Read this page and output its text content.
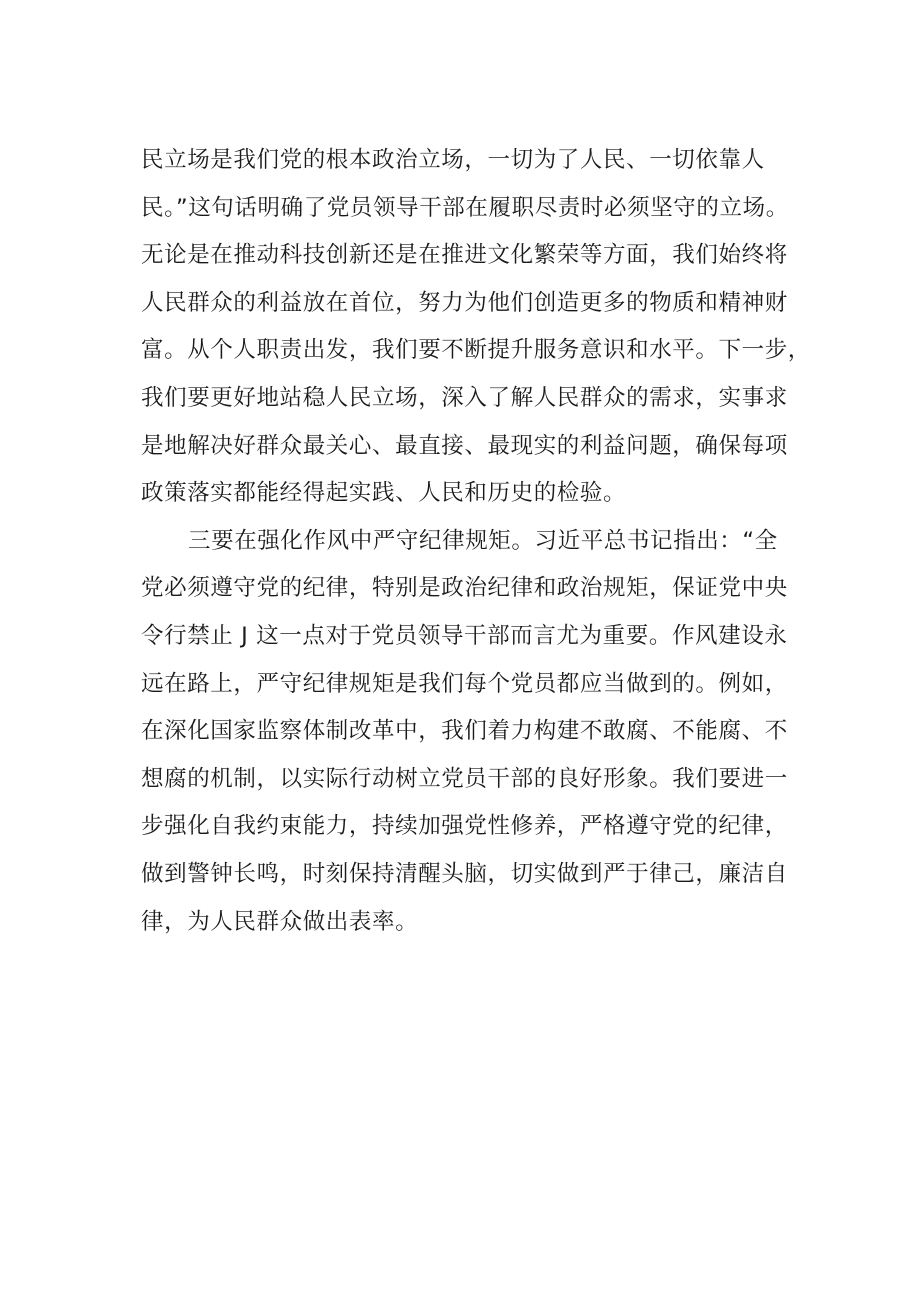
民立场是我们党的根本政治立场，一切为了人民、一切依靠人
民。”这句话明确了党员领导干部在履职尽责时必须坚守的立场。
无论是在推动科技创新还是在推进文化繁荣等方面，我们始终将
人民群众的利益放在首位，努力为他们创造更多的物质和精神财
富。从个人职责出发，我们要不断提升服务意识和水平。下一步，
我们要更好地站稳人民立场，深入了解人民群众的需求，实事求
是地解决好群众最关心、最直接、最现实的利益问题，确保每项
政策落实都能经得起实践、人民和历史的检验。
三要在强化作风中严守纪律规矩。习近平总书记指出：“全
党必须遵守党的纪律，特别是政治纪律和政治规矩，保证党中央
令行禁止 J 这一点对于党员领导干部而言尤为重要。作风建设永
远在路上，严守纪律规矩是我们每个党员都应当做到的。例如，
在深化国家监察体制改革中，我们着力构建不敢腐、不能腐、不
想腐的机制，以实际行动树立党员干部的良好形象。我们要进一
步强化自我约束能力，持续加强党性修养，严格遵守党的纪律，
做到警钟长鸣，时刻保持清醒头脑，切实做到严于律己，廉洁自
律，为人民群众做出表率。
